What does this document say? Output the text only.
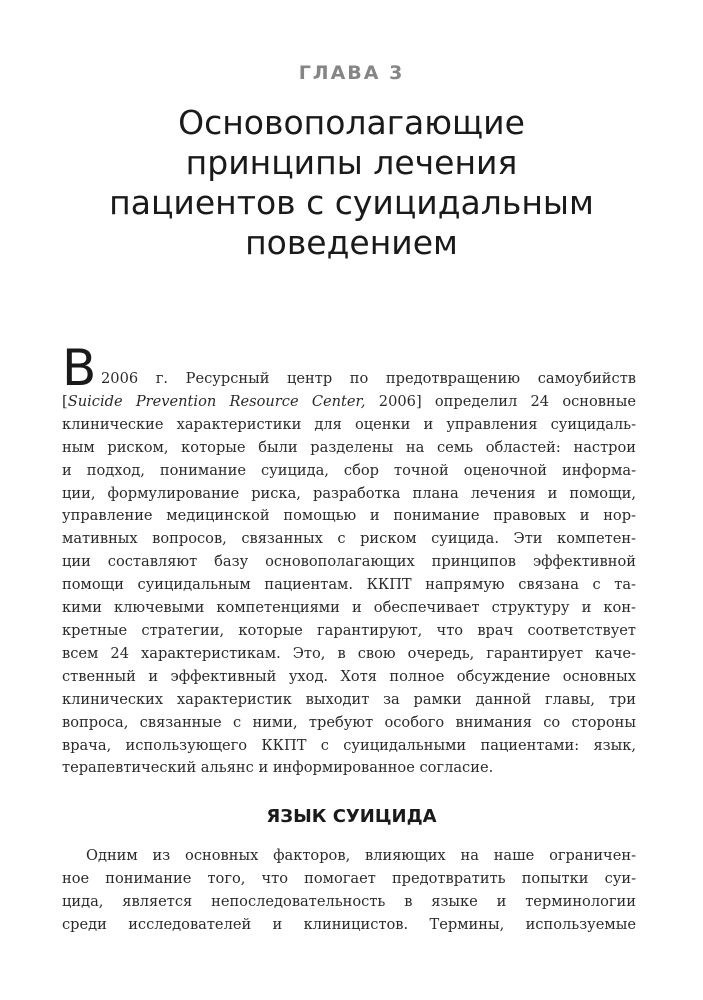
ГЛАВА 3
Основополагающие
принципы лечения
пациентов с суицидальным
поведением
В 2006 г. Ресурсный центр по предотвращению самоубийств
[Suicide Prevention Resource Center, 2006] определил 24 основные
клинические характеристики для оценки и управления суицидаль-
ным риском, которые были разделены на семь областей: настрои
и подход, понимание суицида, сбор точной оценочной информа-
ции, формулирование риска, разработка плана лечения и помощи,
управление медицинской помощью и понимание правовых и нор-
мативных вопросов, связанных с риском суицида. Эти компетен-
ции составляют базу основополагающих принципов эффективной
помощи суицидальным пациентам. ККПТ напрямую связана с та-
кими ключевыми компетенциями и обеспечивает структуру и кон-
кретные стратегии, которые гарантируют, что врач соответствует
всем 24 характеристикам. Это, в свою очередь, гарантирует каче-
ственный и эффективный уход. Хотя полное обсуждение основных
клинических характеристик выходит за рамки данной главы, три
вопроса, связанные с ними, требуют особого внимания со стороны
врача, использующего ККПТ с суицидальными пациентами: язык,
терапевтический альянс и информированное согласие.
ЯЗЫК СУИЦИДА
Одним из основных факторов, влияющих на наше ограничен-
ное понимание того, что помогает предотвратить попытки суи-
цида, является непоследовательность в языке и терминологии
среди исследователей и клиницистов. Термины, используемые
